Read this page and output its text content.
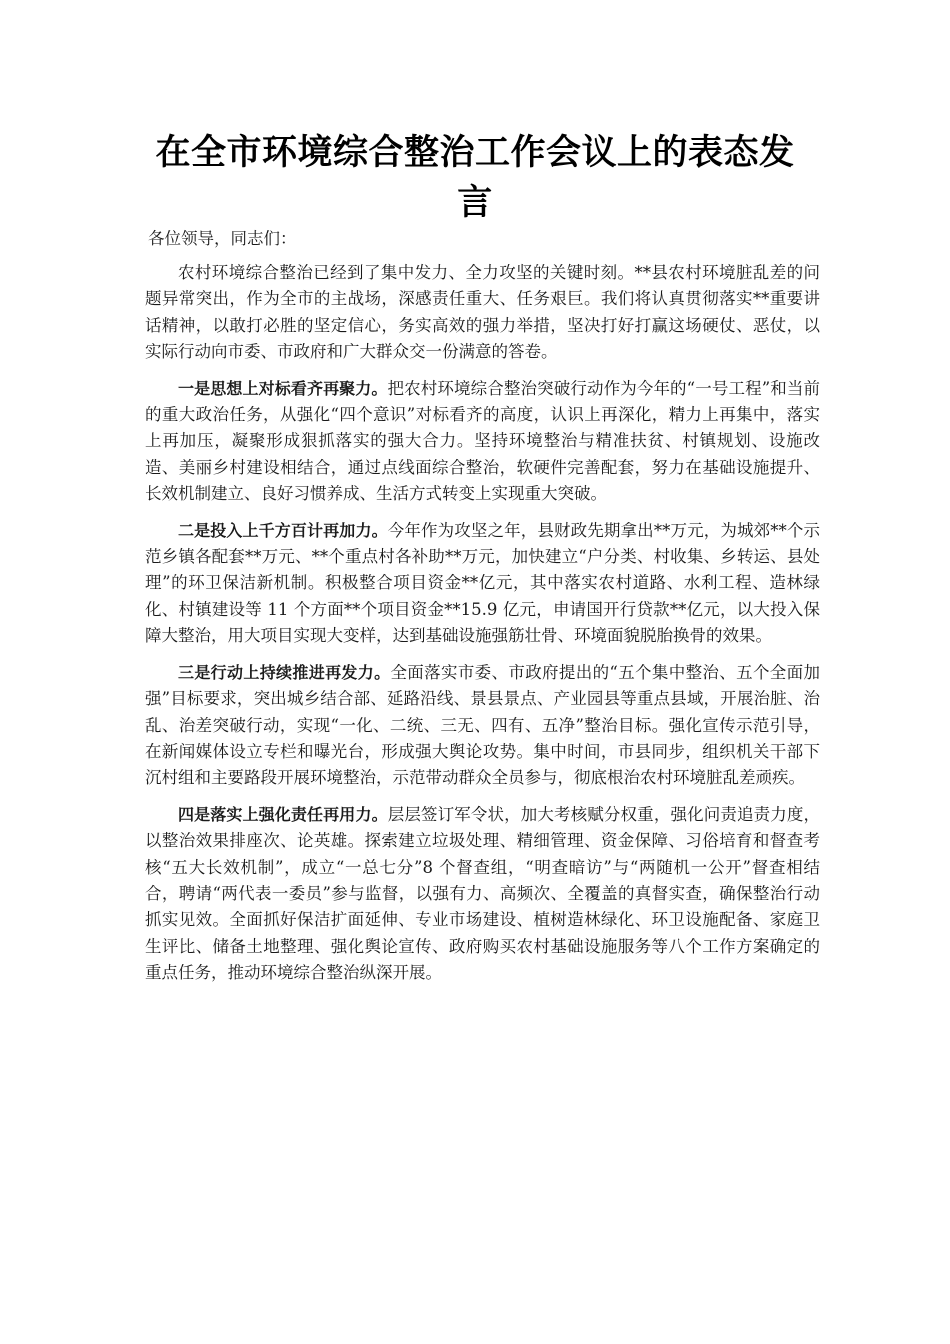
在全市环境综合整治工作会议上的表态发言

各位领导，同志们：

农村环境综合整治已经到了集中发力、全力攻坚的关键时刻。**县农村环境脏乱差的问题异常突出，作为全市的主战场，深感责任重大、任务艰巨。我们将认真贯彻落实**重要讲话精神，以敢打必胜的坚定信心，务实高效的强力举措，坚决打好打赢这场硬仗、恶仗，以实际行动向市委、市政府和广大群众交一份满意的答卷。

一是思想上对标看齐再聚力。把农村环境综合整治突破行动作为今年的“一号工程”和当前的重大政治任务，从强化“四个意识”对标看齐的高度，认识上再深化，精力上再集中，落实上再加压，凝聚形成狠抓落实的强大合力。坚持环境整治与精准扶贫、村镇规划、设施改造、美丽乡村建设相结合，通过点线面综合整治，软硬件完善配套，努力在基础设施提升、长效机制建立、良好习惯养成、生活方式转变上实现重大突破。

二是投入上千方百计再加力。今年作为攻坚之年，县财政先期拿出**万元，为城郊**个示范乡镇各配套**万元、**个重点村各补助**万元，加快建立“户分类、村收集、乡转运、县处理”的环卫保洁新机制。积极整合项目资金**亿元，其中落实农村道路、水利工程、造林绿化、村镇建设等 11 个方面**个项目资金**15.9 亿元，申请国开行贷款**亿元，以大投入保障大整治，用大项目实现大变样，达到基础设施强筋壮骨、环境面貌脱胎换骨的效果。

三是行动上持续推进再发力。全面落实市委、市政府提出的“五个集中整治、五个全面加强”目标要求，突出城乡结合部、延路沿线、景县景点、产业园县等重点县域，开展治脏、治乱、治差突破行动，实现“一化、二统、三无、四有、五净”整治目标。强化宣传示范引导，在新闻媒体设立专栏和曝光台，形成强大舆论攻势。集中时间，市县同步，组织机关干部下沉村组和主要路段开展环境整治，示范带动群众全员参与，彻底根治农村环境脏乱差顽疾。

四是落实上强化责任再用力。层层签订军令状，加大考核赋分权重，强化问责追责力度，以整治效果排座次、论英雄。探索建立垃圾处理、精细管理、资金保障、习俗培育和督查考核“五大长效机制”，成立“一总七分”8 个督查组，“明查暗访”与“两随机一公开”督查相结合，聘请“两代表一委员”参与监督，以强有力、高频次、全覆盖的真督实查，确保整治行动抓实见效。全面抓好保洁扩面延伸、专业市场建设、植树造林绿化、环卫设施配备、家庭卫生评比、储备土地整理、强化舆论宣传、政府购买农村基础设施服务等八个工作方案确定的重点任务，推动环境综合整治纵深开展。
